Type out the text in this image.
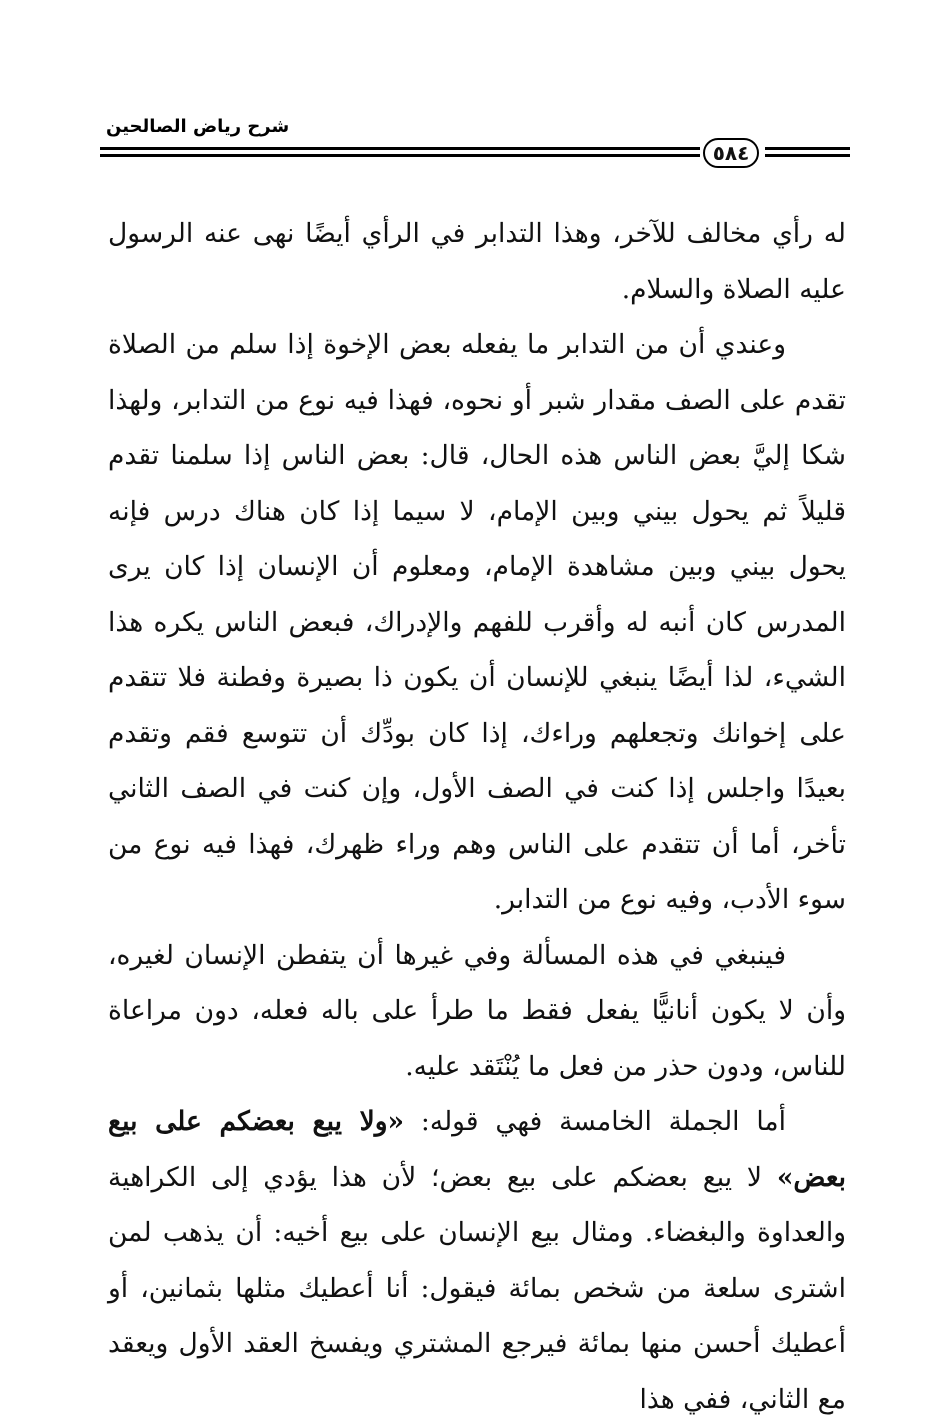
شرح رياض الصالحين
٥٨٤

له رأي مخالف للآخر، وهذا التدابر في الرأي أيضًا نهى عنه الرسول عليه الصلاة والسلام.

وعندي أن من التدابر ما يفعله بعض الإخوة إذا سلم من الصلاة تقدم على الصف مقدار شبر أو نحوه، فهذا فيه نوع من التدابر، ولهذا شكا إليَّ بعض الناس هذه الحال، قال: بعض الناس إذا سلمنا تقدم قليلاً ثم يحول بيني وبين الإمام، لا سيما إذا كان هناك درس فإنه يحول بيني وبين مشاهدة الإمام، ومعلوم أن الإنسان إذا كان يرى المدرس كان أنبه له وأقرب للفهم والإدراك، فبعض الناس يكره هذا الشيء، لذا أيضًا ينبغي للإنسان أن يكون ذا بصيرة وفطنة فلا تتقدم على إخوانك وتجعلهم وراءك، إذا كان بودِّك أن تتوسع فقم وتقدم بعيدًا واجلس إذا كنت في الصف الأول، وإن كنت في الصف الثاني تأخر، أما أن تتقدم على الناس وهم وراء ظهرك، فهذا فيه نوع من سوء الأدب، وفيه نوع من التدابر.

فينبغي في هذه المسألة وفي غيرها أن يتفطن الإنسان لغيره، وأن لا يكون أنانيًّا يفعل فقط ما طرأ على باله فعله، دون مراعاة للناس، ودون حذر من فعل ما يُنْتَقد عليه.

أما الجملة الخامسة فهي قوله: «ولا يبع بعضكم على بيع بعض» لا يبع بعضكم على بيع بعض؛ لأن هذا يؤدي إلى الكراهية والعداوة والبغضاء. ومثال بيع الإنسان على بيع أخيه: أن يذهب لمن اشترى سلعة من شخص بمائة فيقول: أنا أعطيك مثلها بثمانين، أو أعطيك أحسن منها بمائة فيرجع المشتري ويفسخ العقد الأول ويعقد مع الثاني، ففي هذا
